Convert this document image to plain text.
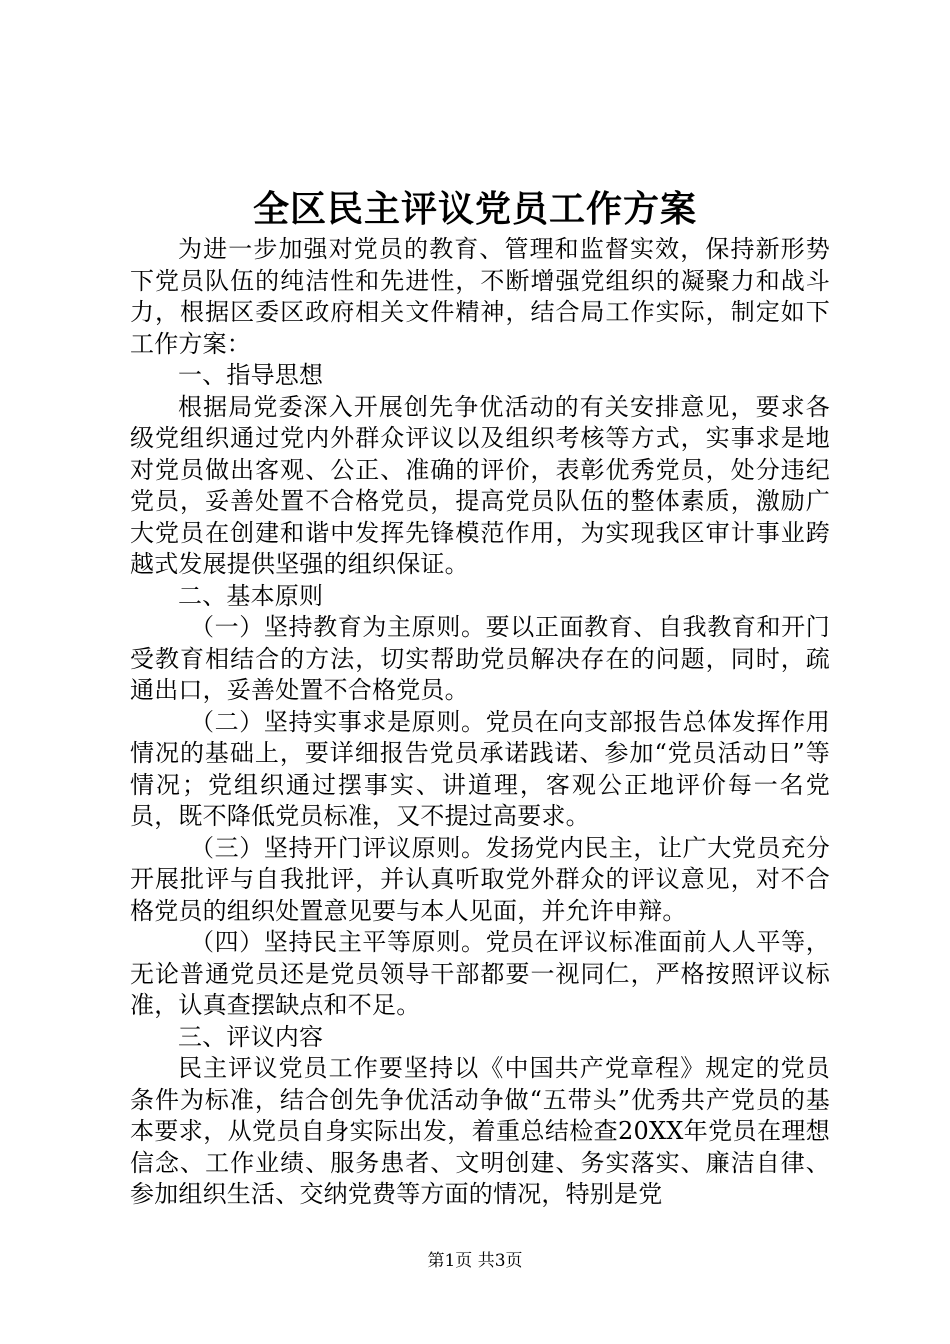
全区民主评议党员工作方案
为进一步加强对党员的教育、管理和监督实效，保持新形势下党员队伍的纯洁性和先进性，不断增强党组织的凝聚力和战斗力，根据区委区政府相关文件精神，结合局工作实际，制定如下工作方案：
一、指导思想
根据局党委深入开展创先争优活动的有关安排意见，要求各级党组织通过党内外群众评议以及组织考核等方式，实事求是地对党员做出客观、公正、准确的评价，表彰优秀党员，处分违纪党员，妥善处置不合格党员，提高党员队伍的整体素质，激励广大党员在创建和谐中发挥先锋模范作用，为实现我区审计事业跨越式发展提供坚强的组织保证。
二、基本原则
（一）坚持教育为主原则。要以正面教育、自我教育和开门受教育相结合的方法，切实帮助党员解决存在的问题，同时，疏通出口，妥善处置不合格党员。
（二）坚持实事求是原则。党员在向支部报告总体发挥作用情况的基础上，要详细报告党员承诺践诺、参加“党员活动日”等情况；党组织通过摆事实、讲道理，客观公正地评价每一名党员，既不降低党员标准，又不提过高要求。
（三）坚持开门评议原则。发扬党内民主，让广大党员充分开展批评与自我批评，并认真听取党外群众的评议意见，对不合格党员的组织处置意见要与本人见面，并允许申辩。
（四）坚持民主平等原则。党员在评议标准面前人人平等，无论普通党员还是党员领导干部都要一视同仁，严格按照评议标准，认真查摆缺点和不足。
三、评议内容
民主评议党员工作要坚持以《中国共产党章程》规定的党员条件为标准，结合创先争优活动争做“五带头”优秀共产党员的基本要求，从党员自身实际出发，着重总结检查20XX年党员在理想信念、工作业绩、服务患者、文明创建、务实落实、廉洁自律、参加组织生活、交纳党费等方面的情况，特别是党
第1页 共3页
